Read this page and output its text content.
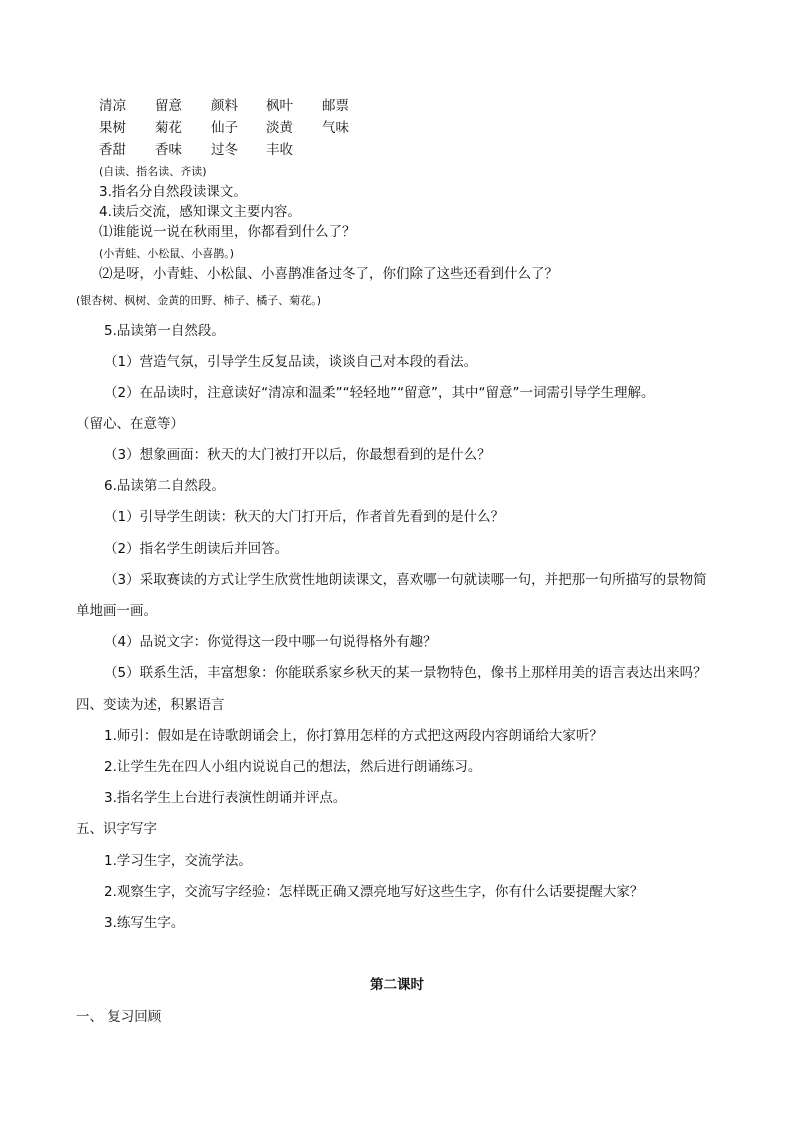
清凉 留意 颜料 枫叶 邮票
果树 菊花 仙子 淡黄 气味
香甜 香味 过冬 丰收
(自读、指名读、齐读)
3.指名分自然段读课文。
4.读后交流，感知课文主要内容。
⑴谁能说一说在秋雨里，你都看到什么了？
(小青蛙、小松鼠、小喜鹊。)
⑵是呀，小青蛙、小松鼠、小喜鹊准备过冬了，你们除了这些还看到什么了？
(银杏树、枫树、金黄的田野、柿子、橘子、菊花。)
5.品读第一自然段。
（1）营造气氛，引导学生反复品读，谈谈自己对本段的看法。
（2）在品读时，注意读好“清凉和温柔”“轻轻地”“留意”，其中“留意”一词需引导学生理解。
（留心、在意等）
（3）想象画面：秋天的大门被打开以后，你最想看到的是什么？
6.品读第二自然段。
（1）引导学生朗读：秋天的大门打开后，作者首先看到的是什么？
（2）指名学生朗读后并回答。
（3）采取赛读的方式让学生欣赏性地朗读课文，喜欢哪一句就读哪一句，并把那一句所描写的景物简
单地画一画。
（4）品说文字：你觉得这一段中哪一句说得格外有趣？
（5）联系生活，丰富想象：你能联系家乡秋天的某一景物特色，像书上那样用美的语言表达出来吗？
四、变读为述，积累语言
1.师引：假如是在诗歌朗诵会上，你打算用怎样的方式把这两段内容朗诵给大家听？
2.让学生先在四人小组内说说自己的想法，然后进行朗诵练习。
3.指名学生上台进行表演性朗诵并评点。
五、识字写字
1.学习生字，交流学法。
2.观察生字，交流写字经验：怎样既正确又漂亮地写好这些生字，你有什么话要提醒大家？
3.练写生字。
第二课时
一、 复习回顾
